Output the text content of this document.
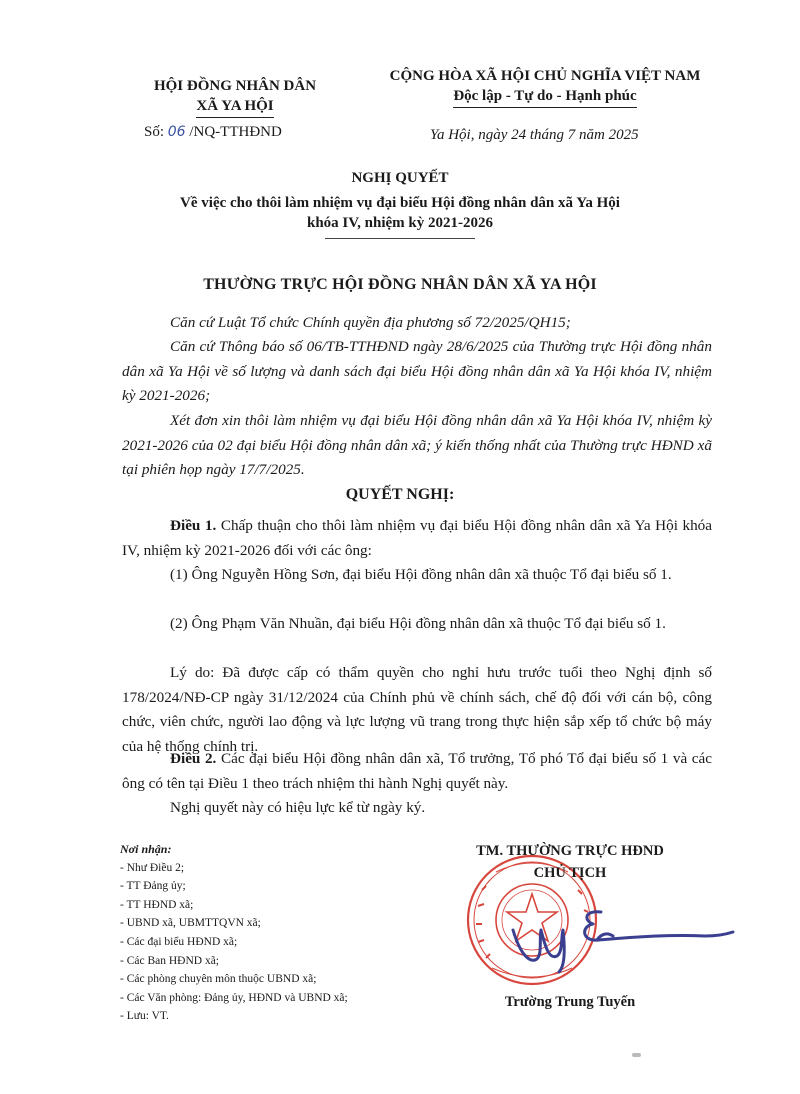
HỘI ĐỒNG NHÂN DÂN
XÃ YA HỘI
CỘNG HÒA XÃ HỘI CHỦ NGHĨA VIỆT NAM
Độc lập - Tự do - Hạnh phúc
Số: 06 /NQ-TTHĐND	Ya Hội, ngày 24 tháng 7 năm 2025
NGHỊ QUYẾT
Về việc cho thôi làm nhiệm vụ đại biểu Hội đồng nhân dân xã Ya Hội
khóa IV, nhiệm kỳ 2021-2026
THƯỜNG TRỰC HỘI ĐỒNG NHÂN DÂN XÃ YA HỘI
Căn cứ Luật Tổ chức Chính quyền địa phương số 72/2025/QH15;
Căn cứ Thông báo số 06/TB-TTHĐND ngày 28/6/2025 của Thường trực Hội đồng nhân dân xã Ya Hội về số lượng và danh sách đại biểu Hội đồng nhân dân xã Ya Hội khóa IV, nhiệm kỳ 2021-2026;
Xét đơn xin thôi làm nhiệm vụ đại biểu Hội đồng nhân dân xã Ya Hội khóa IV, nhiệm kỳ 2021-2026 của 02 đại biểu Hội đồng nhân dân xã; ý kiến thống nhất của Thường trực HĐND xã tại phiên họp ngày 17/7/2025.
QUYẾT NGHỊ:
Điều 1. Chấp thuận cho thôi làm nhiệm vụ đại biểu Hội đồng nhân dân xã Ya Hội khóa IV, nhiệm kỳ 2021-2026 đối với các ông:
(1) Ông Nguyễn Hồng Sơn, đại biểu Hội đồng nhân dân xã thuộc Tổ đại biểu số 1.
(2) Ông Phạm Văn Nhuần, đại biểu Hội đồng nhân dân xã thuộc Tổ đại biểu số 1.
Lý do: Đã được cấp có thẩm quyền cho nghỉ hưu trước tuổi theo Nghị định số 178/2024/NĐ-CP ngày 31/12/2024 của Chính phủ về chính sách, chế độ đối với cán bộ, công chức, viên chức, người lao động và lực lượng vũ trang trong thực hiện sắp xếp tổ chức bộ máy của hệ thống chính trị.
Điều 2. Các đại biểu Hội đồng nhân dân xã, Tổ trưởng, Tổ phó Tổ đại biểu số 1 và các ông có tên tại Điều 1 theo trách nhiệm thi hành Nghị quyết này.
Nghị quyết này có hiệu lực kể từ ngày ký.
Nơi nhận:
- Như Điều 2;
- TT Đảng ủy;
- TT HĐND xã;
- UBND xã, UBMTTQVN xã;
- Các đại biểu HĐND xã;
- Các Ban HĐND xã;
- Các phòng chuyên môn thuộc UBND xã;
- Các Văn phòng: Đảng ủy, HĐND và UBND xã;
- Lưu: VT.
TM. THƯỜNG TRỰC HĐND
CHỦ TỊCH
Trường Trung Tuyến
